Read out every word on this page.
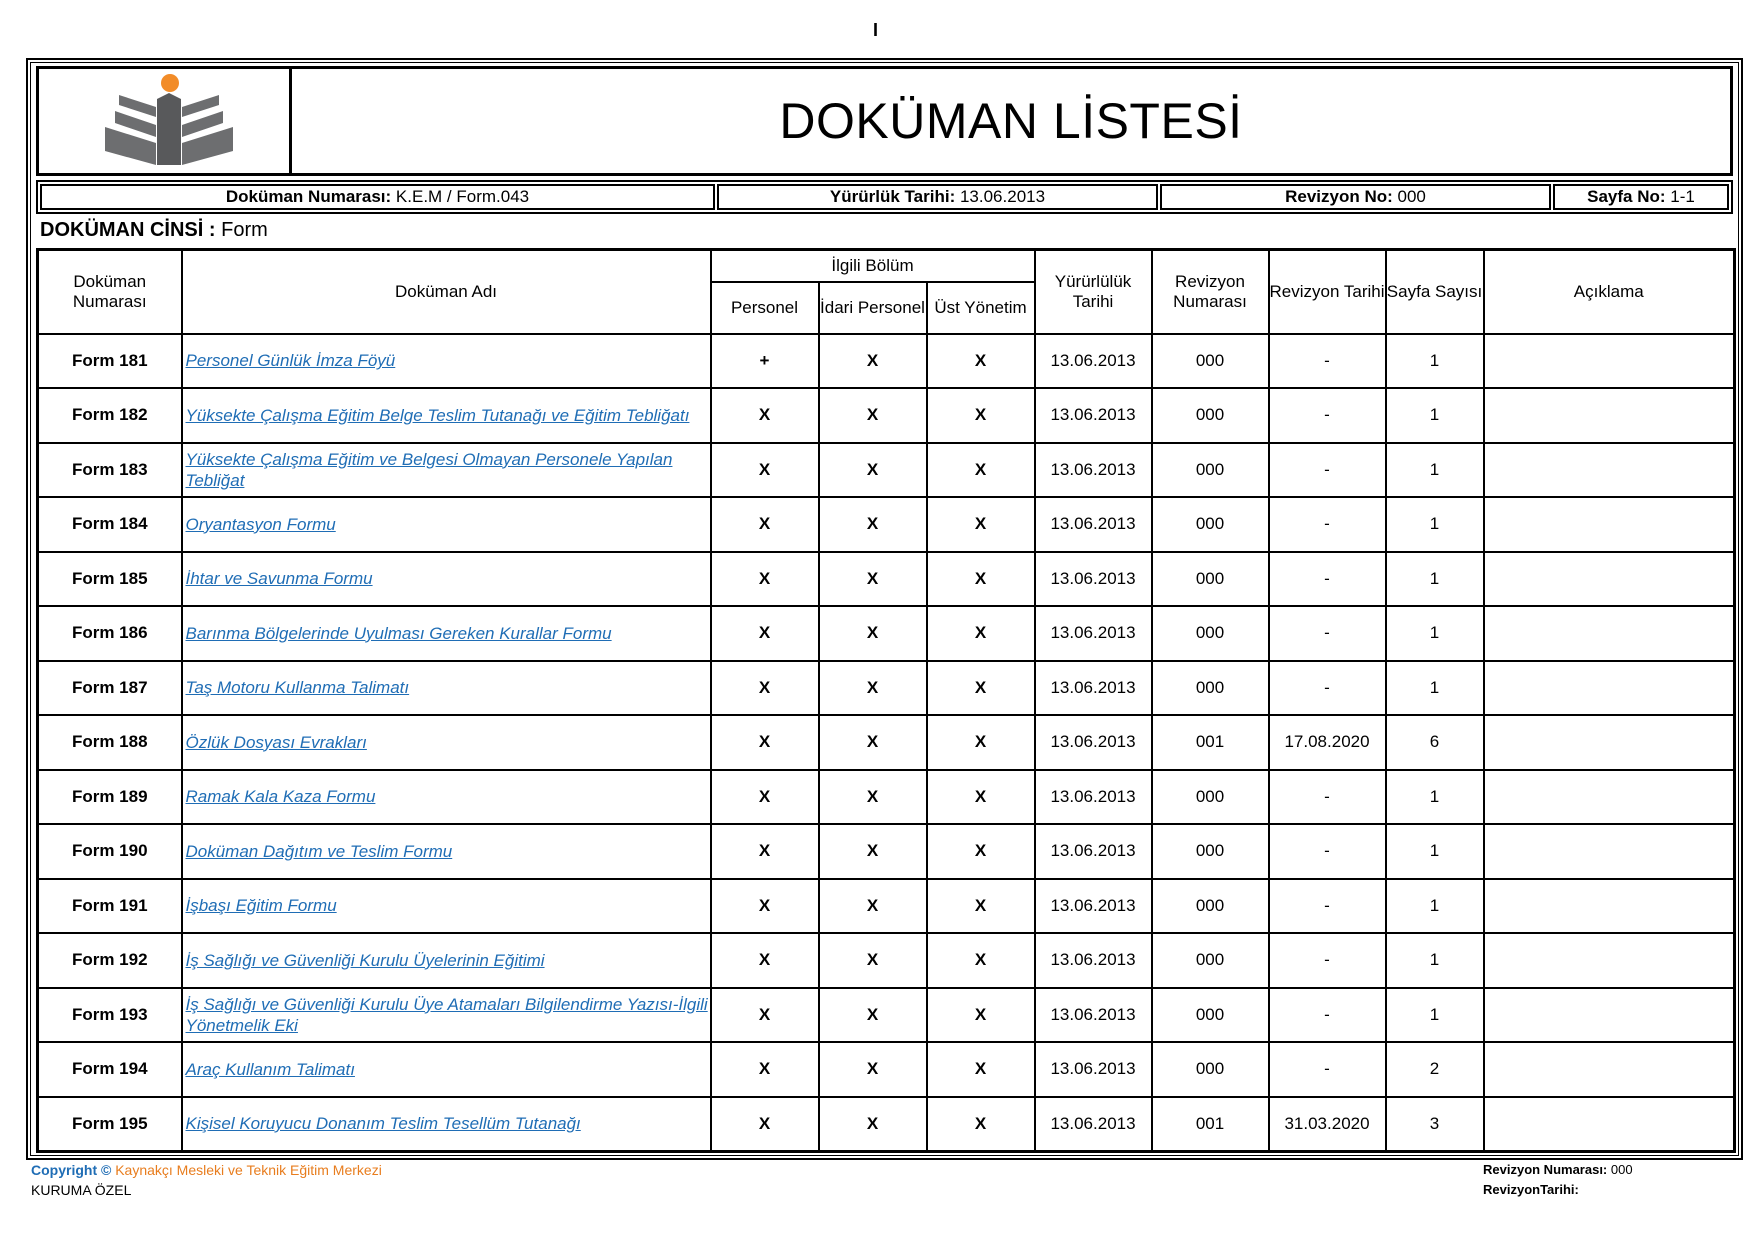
I
DOKÜMAN LİSTESİ
Doküman Numarası:
K.E.M / Form.043	Yürürlük Tarihi:
13.06.2013	Revizyon No:
000	Sayfa No:
1-1
DOKÜMAN CİNSİ : Form
Doküman Numarası	Doküman Adı	İlgili Bölüm			Yürürlülük Tarihi	Revizyon Numarası	Revizyon Tarihi	Sayfa Sayısı	Açıklama
		Personel	İdari Personel	Üst Yönetim					
Form 181	Personel Günlük İmza Föyü	+	X	X	13.06.2013	000	-	1	
Form 182	Yüksekte Çalışma Eğitim Belge Teslim Tutanağı ve Eğitim Tebliğatı	X	X	X	13.06.2013	000	-	1	
Form 183	Yüksekte Çalışma Eğitim ve Belgesi Olmayan Personele Yapılan Tebliğat	X	X	X	13.06.2013	000	-	1	
Form 184	Oryantasyon Formu	X	X	X	13.06.2013	000	-	1	
Form 185	İhtar ve Savunma Formu	X	X	X	13.06.2013	000	-	1	
Form 186	Barınma Bölgelerinde Uyulması Gereken Kurallar Formu	X	X	X	13.06.2013	000	-	1	
Form 187	Taş Motoru Kullanma Talimatı	X	X	X	13.06.2013	000	-	1	
Form 188	Özlük Dosyası Evrakları	X	X	X	13.06.2013	001	17.08.2020	6	
Form 189	Ramak Kala Kaza Formu	X	X	X	13.06.2013	000	-	1	
Form 190	Doküman Dağıtım ve Teslim Formu	X	X	X	13.06.2013	000	-	1	
Form 191	İşbaşı Eğitim Formu	X	X	X	13.06.2013	000	-	1	
Form 192	İş Sağlığı ve Güvenliği Kurulu Üyelerinin Eğitimi	X	X	X	13.06.2013	000	-	1	
Form 193	İş Sağlığı ve Güvenliği Kurulu Üye Atamaları Bilgilendirme Yazısı-İlgili Yönetmelik Eki	X	X	X	13.06.2013	000	-	1	
Form 194	Araç Kullanım Talimatı	X	X	X	13.06.2013	000	-	2	
Form 195	Kişisel Koruyucu Donanım Teslim Tesellüm Tutanağı	X	X	X	13.06.2013	001	31.03.2020	3	
Copyright © Kaynakçı Mesleki ve Teknik Eğitim Merkezi
KURUMA ÖZEL
Revizyon Numarası: 000
RevizyonTarihi:
